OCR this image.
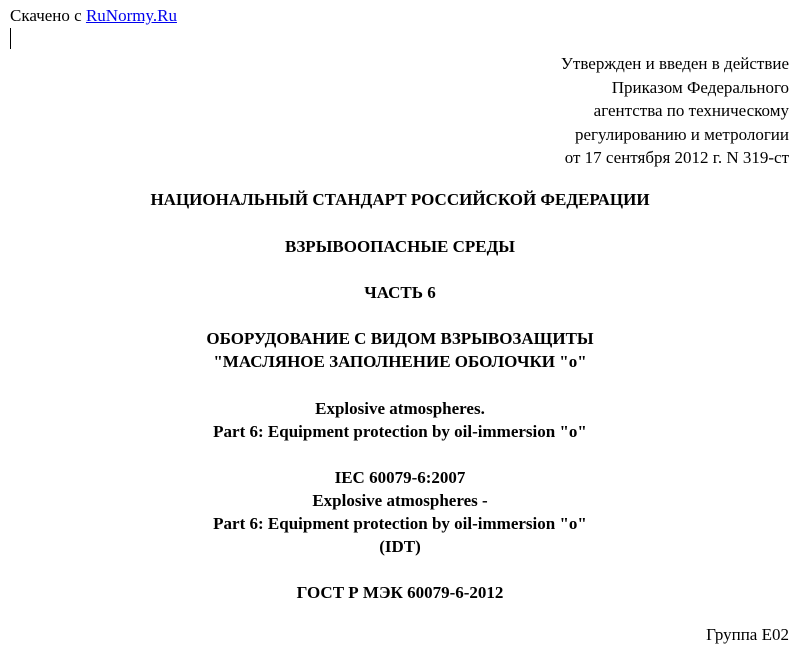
Скачено с RuNormy.Ru
Утвержден и введен в действие
Приказом Федерального
агентства по техническому
регулированию и метрологии
от 17 сентября 2012 г. N 319-ст
НАЦИОНАЛЬНЫЙ СТАНДАРТ РОССИЙСКОЙ ФЕДЕРАЦИИ
ВЗРЫВООПАСНЫЕ СРЕДЫ
ЧАСТЬ 6
ОБОРУДОВАНИЕ С ВИДОМ ВЗРЫВОЗАЩИТЫ
"МАСЛЯНОЕ ЗАПОЛНЕНИЕ ОБОЛОЧКИ "о"
Explosive atmospheres.
Part 6: Equipment protection by oil-immersion "o"
IEC 60079-6:2007
Explosive atmospheres -
Part 6: Equipment protection by oil-immersion "o"
(IDT)
ГОСТ Р МЭК 60079-6-2012
Группа Е02
